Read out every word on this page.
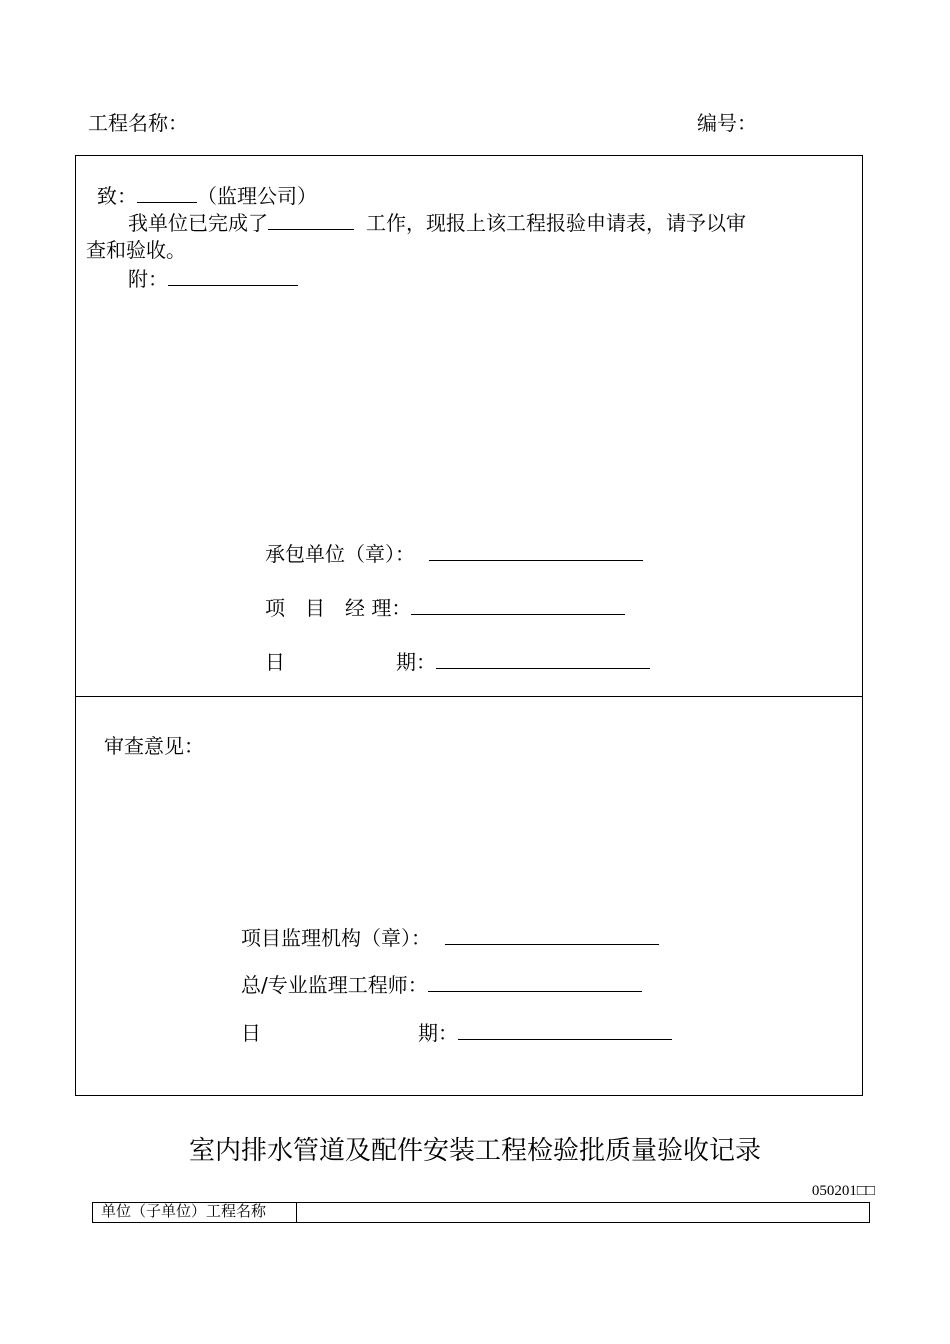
工程名称：	编号：
致：	（监理公司）
我单位已完成了	工作，现报上该工程报验申请表，请予以审
查和验收。
附：
承包单位（章）：
项　目　经 理：
日	期：
审查意见：
项目监理机构（章）：
总/专业监理工程师：
日	期：
室内排水管道及配件安装工程检验批质量验收记录
050201□□
单位（子单位）工程名称
